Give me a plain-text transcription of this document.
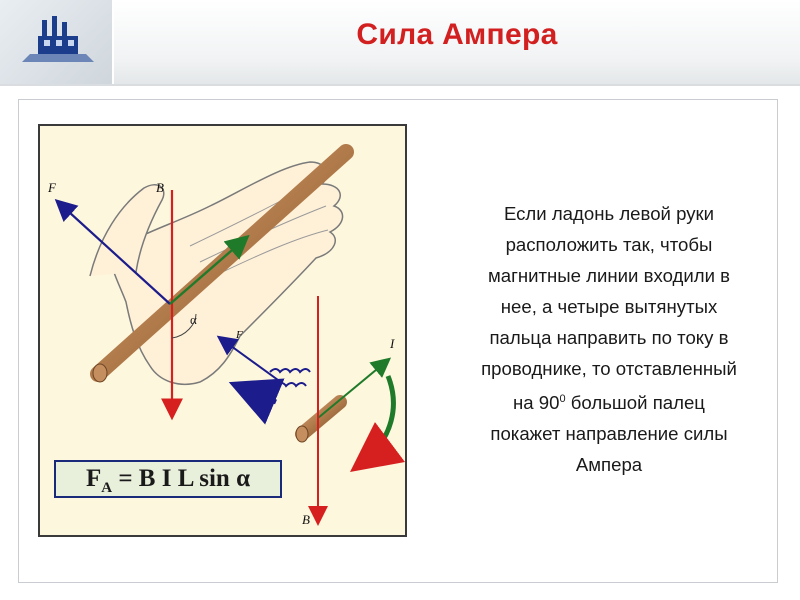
Сила Ампера
α
F	B
F
I
B
$F_A = B$ I L sin α
Если ладонь левой руки
расположить так, чтобы
магнитные линии входили в
нее, а четыре вытянутых
пальца направить по току в
проводнике, то отставленный
на $90^0$ большой палец
покажет направление силы
Ампера
